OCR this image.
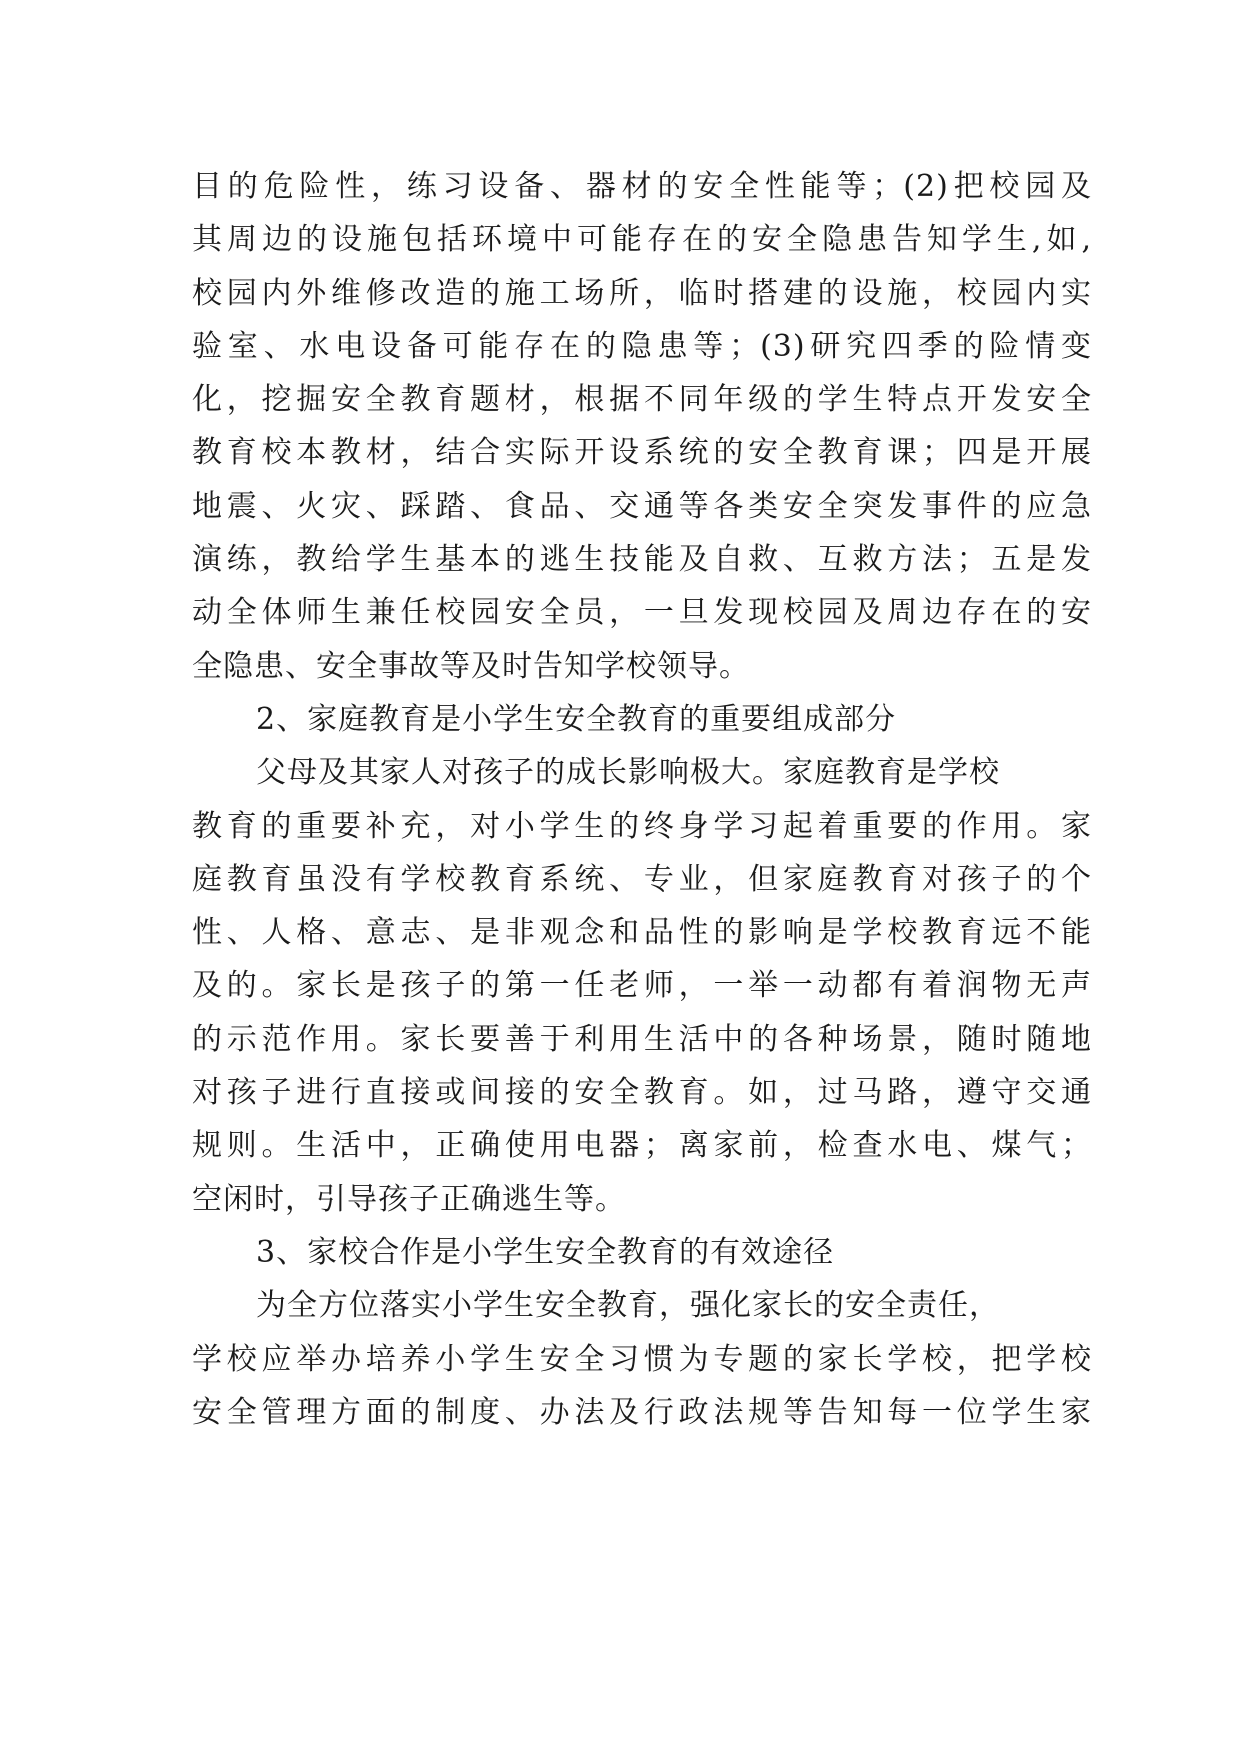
目的危险性，练习设备、器材的安全性能等；(2)把校园及
其周边的设施包括环境中可能存在的安全隐患告知学生,如,
校园内外维修改造的施工场所，临时搭建的设施，校园内实
验室、水电设备可能存在的隐患等；(3)研究四季的险情变
化，挖掘安全教育题材，根据不同年级的学生特点开发安全
教育校本教材，结合实际开设系统的安全教育课；四是开展
地震、火灾、踩踏、食品、交通等各类安全突发事件的应急
演练，教给学生基本的逃生技能及自救、互救方法；五是发
动全体师生兼任校园安全员，一旦发现校园及周边存在的安
全隐患、安全事故等及时告知学校领导。
2、家庭教育是小学生安全教育的重要组成部分
父母及其家人对孩子的成长影响极大。家庭教育是学校
教育的重要补充，对小学生的终身学习起着重要的作用。家
庭教育虽没有学校教育系统、专业，但家庭教育对孩子的个
性、人格、意志、是非观念和品性的影响是学校教育远不能
及的。家长是孩子的第一任老师，一举一动都有着润物无声
的示范作用。家长要善于利用生活中的各种场景，随时随地
对孩子进行直接或间接的安全教育。如，过马路，遵守交通
规则。生活中，正确使用电器；离家前，检查水电、煤气；
空闲时，引导孩子正确逃生等。
3、家校合作是小学生安全教育的有效途径
为全方位落实小学生安全教育，强化家长的安全责任，
学校应举办培养小学生安全习惯为专题的家长学校，把学校
安全管理方面的制度、办法及行政法规等告知每一位学生家
